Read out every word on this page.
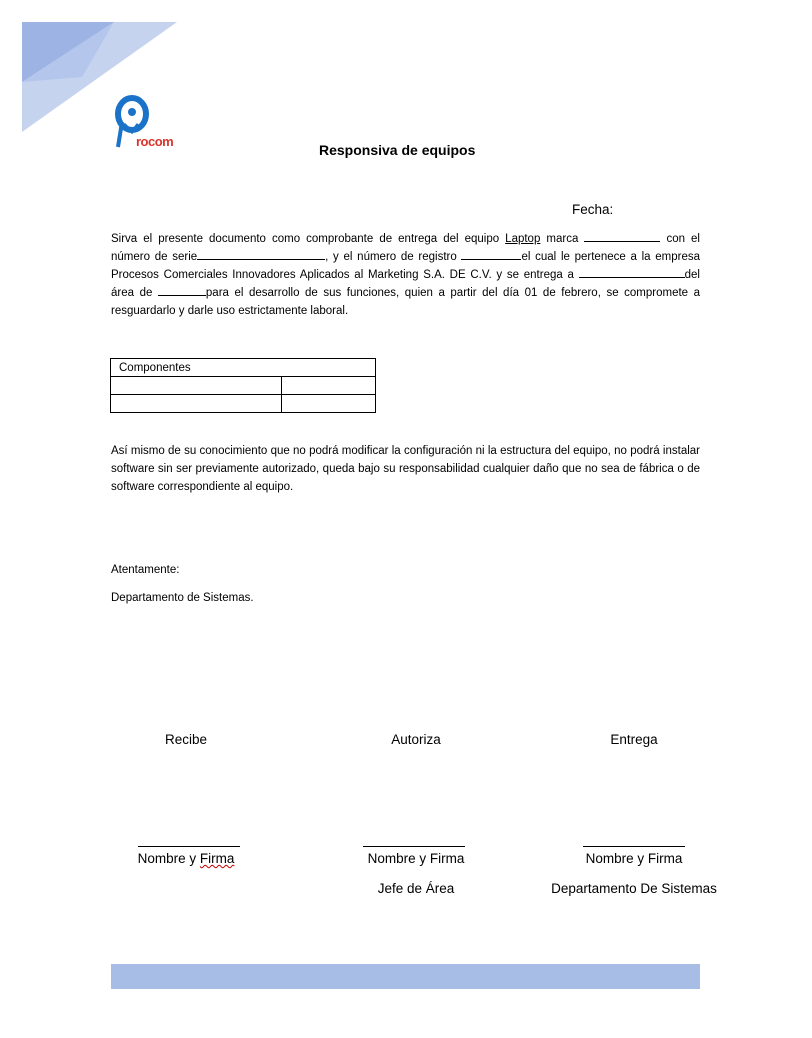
rocom
Responsiva de equipos
Fecha:
Sirva el presente documento como comprobante de entrega del equipo Laptop marca	con el número de serie	, y el número de registro	el cual le pertenece a la empresa Procesos Comerciales Innovadores Aplicados al Marketing S.A. DE C.V. y se entrega a	del área de	para el desarrollo de sus funciones, quien a partir del día 01 de febrero, se compromete a resguardarlo y darle uso estrictamente laboral.
Componentes	

Así mismo de su conocimiento que no podrá modificar la configuración ni la estructura del equipo, no podrá instalar software sin ser previamente autorizado, queda bajo su responsabilidad cualquier daño que no sea de fábrica o de software correspondiente al equipo.
Atentamente:
Departamento de Sistemas.
Recibe
Nombre y Firma
Autoriza
Nombre y Firma
Jefe de Área
Entrega
Nombre y Firma
Departamento De Sistemas
